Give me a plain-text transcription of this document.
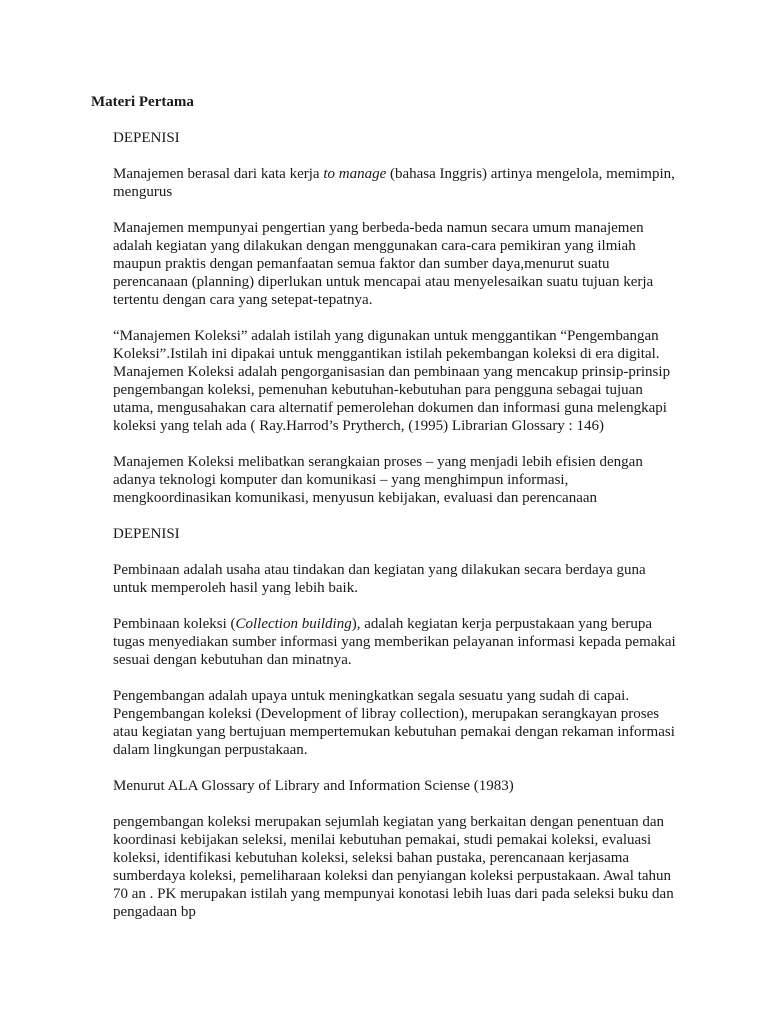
Materi Pertama

DEPENISI

Manajemen berasal dari kata kerja to manage (bahasa Inggris) artinya mengelola, memimpin, mengurus

Manajemen mempunyai pengertian yang berbeda-beda namun secara umum manajemen adalah kegiatan yang dilakukan dengan menggunakan cara-cara pemikiran yang ilmiah maupun praktis dengan pemanfaatan semua faktor dan sumber daya,menurut suatu perencanaan (planning) diperlukan untuk mencapai atau menyelesaikan suatu tujuan kerja tertentu dengan cara yang setepat-tepatnya.

“Manajemen Koleksi” adalah istilah yang digunakan untuk menggantikan “Pengembangan Koleksi”.Istilah ini dipakai untuk menggantikan istilah pekembangan koleksi di era digital. Manajemen Koleksi adalah pengorganisasian dan pembinaan yang mencakup prinsip-prinsip pengembangan koleksi, pemenuhan kebutuhan-kebutuhan para pengguna sebagai tujuan utama, mengusahakan cara alternatif pemerolehan dokumen dan informasi guna melengkapi koleksi yang telah ada ( Ray.Harrod’s Prytherch, (1995) Librarian Glossary : 146)

Manajemen Koleksi melibatkan serangkaian proses – yang menjadi lebih efisien dengan adanya teknologi komputer dan komunikasi – yang menghimpun informasi, mengkoordinasikan komunikasi, menyusun kebijakan, evaluasi dan perencanaan

DEPENISI

Pembinaan adalah usaha atau tindakan dan kegiatan yang dilakukan secara berdaya guna untuk memperoleh hasil yang lebih baik.

Pembinaan koleksi (Collection building), adalah kegiatan kerja perpustakaan yang berupa tugas menyediakan sumber informasi yang memberikan pelayanan informasi kepada pemakai sesuai dengan kebutuhan dan minatnya.

Pengembangan adalah upaya untuk meningkatkan segala sesuatu yang sudah di capai. Pengembangan koleksi (Development of libray collection), merupakan serangkayan proses atau kegiatan yang bertujuan mempertemukan kebutuhan pemakai dengan rekaman informasi dalam lingkungan perpustakaan.

Menurut ALA Glossary of Library and Information Sciense (1983)

pengembangan koleksi merupakan sejumlah kegiatan yang berkaitan dengan penentuan dan koordinasi kebijakan seleksi, menilai kebutuhan pemakai, studi pemakai koleksi, evaluasi koleksi, identifikasi kebutuhan koleksi, seleksi bahan pustaka, perencanaan kerjasama sumberdaya koleksi, pemeliharaan koleksi dan penyiangan koleksi perpustakaan. Awal tahun 70 an . PK merupakan istilah yang mempunyai konotasi lebih luas dari pada seleksi buku dan pengadaan bp
